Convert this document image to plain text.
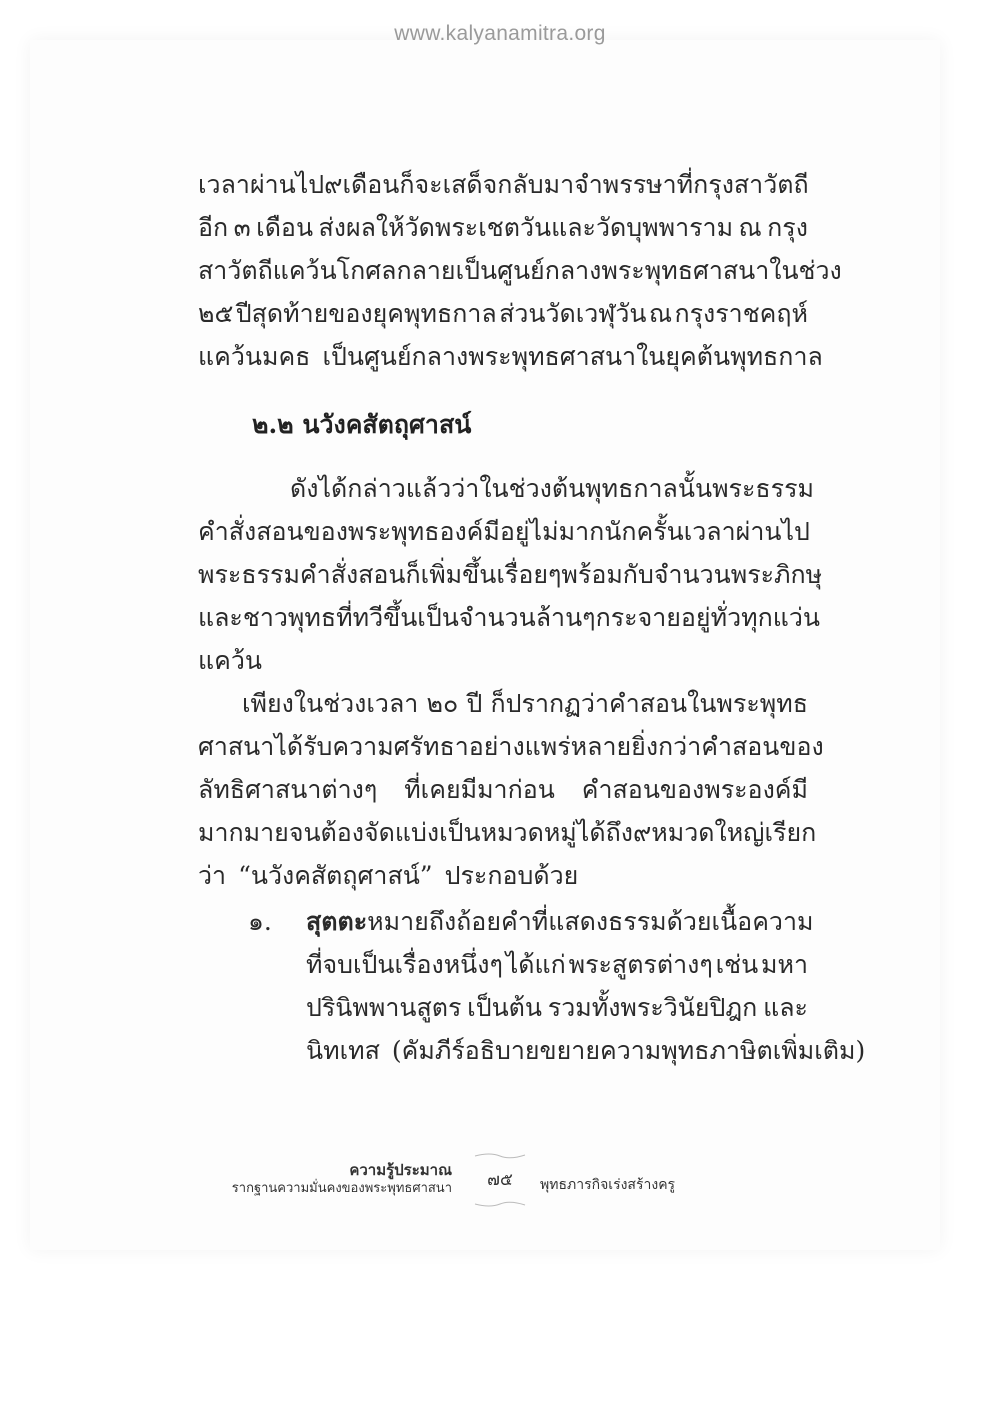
www.kalyanamitra.org
เวลาผ่านไป ๙ เดือน ก็จะเสด็จกลับมาจำพรรษาที่กรุงสาวัตถี
อีก ๓ เดือน ส่งผลให้วัดพระเชตวันและวัดบุพพาราม ณ กรุง
สาวัตถี แคว้นโกศล กลายเป็นศูนย์กลางพระพุทธศาสนาในช่วง
๒๕ ปีสุดท้ายของยุคพุทธกาล ส่วนวัดเวฬุวัน ณ กรุงราชคฤห์
แคว้นมคธ เป็นศูนย์กลางพระพุทธศาสนาในยุคต้นพุทธกาล
๒.๒ นวังคสัตถุศาสน์
ดังได้กล่าวแล้วว่าในช่วงต้นพุทธกาลนั้น พระธรรม
คำสั่งสอนของพระพุทธองค์มีอยู่ไม่มากนัก ครั้นเวลาผ่านไป
พระธรรมคำสั่งสอนก็เพิ่มขึ้นเรื่อยๆ พร้อมกับจำนวนพระภิกษุ
และชาวพุทธที่ทวีขึ้นเป็นจำนวนล้านๆ กระจายอยู่ทั่วทุกแว่น
แคว้น
เพียงในช่วงเวลา ๒๐ ปี ก็ปรากฏว่าคำสอนในพระพุทธ
ศาสนาได้รับความศรัทธาอย่างแพร่หลาย ยิ่งกว่าคำสอนของ
ลัทธิศาสนาต่างๆ ที่เคยมีมาก่อน คำสอนของพระองค์มี
มากมายจนต้องจัดแบ่งเป็นหมวดหมู่ได้ถึง ๙ หมวดใหญ่ เรียก
ว่า “นวังคสัตถุศาสน์” ประกอบด้วย
๑. สุตตะ หมายถึง ถ้อยคำที่แสดงธรรมด้วยเนื้อความ
ที่จบเป็นเรื่องหนึ่งๆ ได้แก่ พระสูตรต่างๆ เช่น มหา
ปรินิพพานสูตร เป็นต้น รวมทั้งพระวินัยปิฎก และ
นิทเทส (คัมภีร์อธิบายขยายความพุทธภาษิตเพิ่มเติม)
ความรู้ประมาณ
รากฐานความมั่นคงของพระพุทธศาสนา	๗๕	พุทธภารกิจเร่งสร้างครู
